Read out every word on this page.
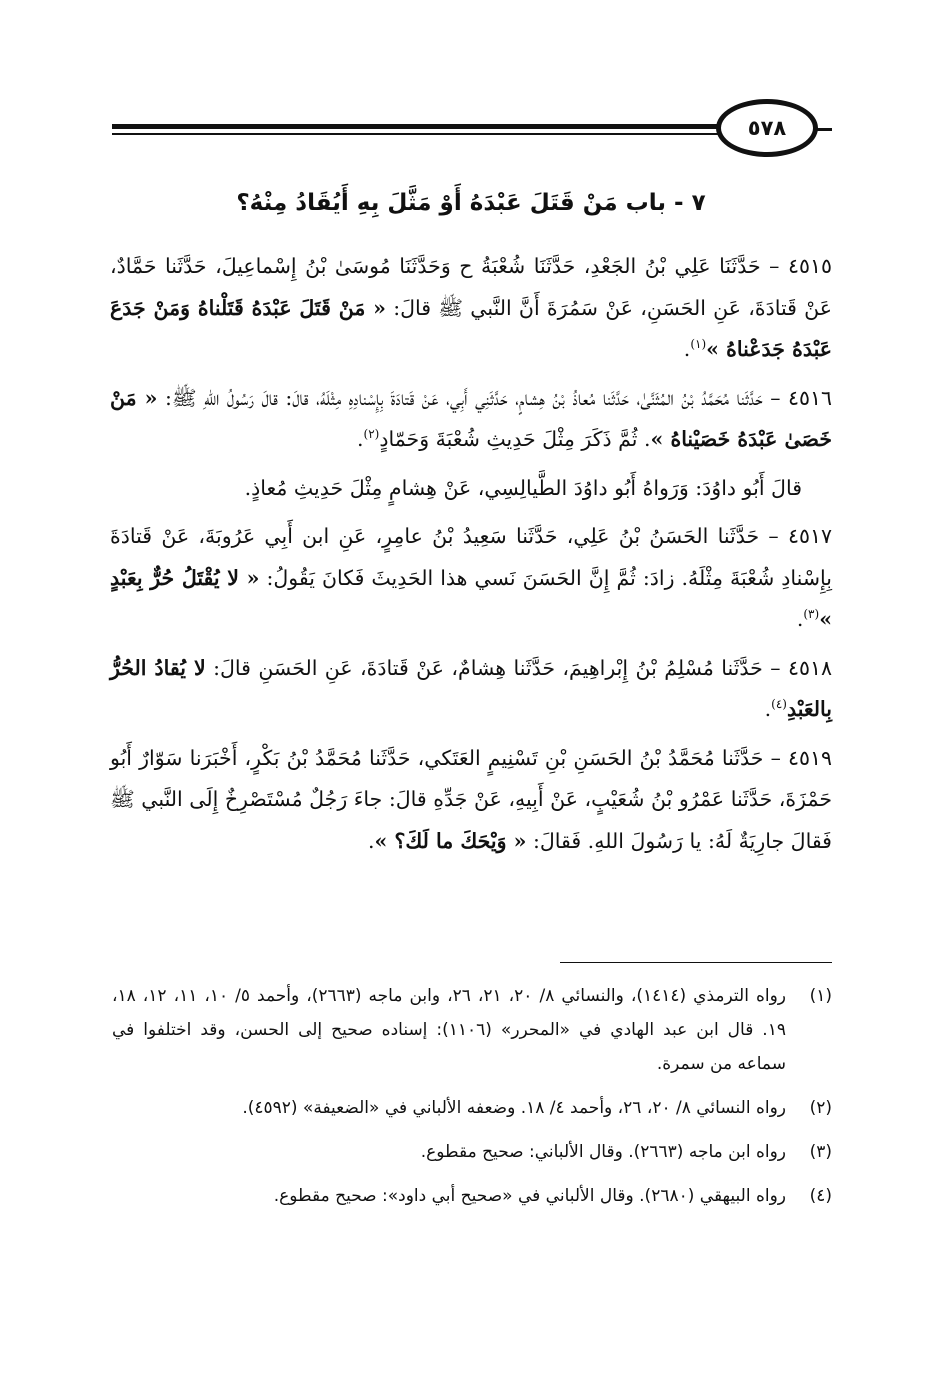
٥٧٨
٧ - باب مَنْ قَتَلَ عَبْدَهُ أَوْ مَثَّلَ بِهِ أَيُقَادُ مِنْهُ؟

٤٥١٥ – حَدَّثَنَا عَلِي بْنُ الجَعْدِ، حَدَّثَنَا شُعْبَةُ ح وَحَدَّثَنَا مُوسَىٰ بْنُ إِسْماعِيلَ، حَدَّثَنا حَمَّادٌ، عَنْ قَتادَةَ، عَنِ الحَسَنِ، عَنْ سَمُرَةَ أَنَّ النَّبي ﷺ قالَ: « مَنْ قَتَلَ عَبْدَهُ قَتَلْناهُ وَمَنْ جَدَعَ عَبْدَهُ جَدَعْناهُ »$^{(١)}$.

٤٥١٦ – حَدَّثَنا مُحَمَّدُ بْنُ المُثَنَّىٰ، حَدَّثَنا مُعاذُ بْنُ هِشامٍ، حَدَّثَنِي أَبِي، عَنْ قَتادَةَ بِإِسْنادِهِ مِثْلَهُ، قالَ: قالَ رَسُولُ اللهِ ﷺ: « مَنْ خَصَىٰ عَبْدَهُ خَصَيْناهُ ». ثُمَّ ذَكَرَ مِثْلَ حَدِيثِ شُعْبَةَ وَحَمّادٍ$^{(٢)}$.

قالَ أَبُو داوُدَ: وَرَواهُ أَبُو داوُدَ الطَّيالِسِي، عَنْ هِشامٍ مِثْلَ حَدِيثِ مُعاذٍ.

٤٥١٧ – حَدَّثَنا الحَسَنُ بْنُ عَلِي، حَدَّثَنا سَعِيدُ بْنُ عامِرٍ، عَنِ ابن أَبِي عَرُوبَةَ، عَنْ قَتادَةَ بِإِسْنادِ شُعْبَةَ مِثْلَهُ. زادَ: ثُمَّ إِنَّ الحَسَنَ نَسي هذا الحَدِيثَ فَكانَ يَقُولُ: « لا يُقْتَلُ حُرٌّ بِعَبْدٍ »$^{(٣)}$.

٤٥١٨ – حَدَّثَنا مُسْلِمُ بْنُ إِبْراهِيمَ، حَدَّثَنا هِشامٌ، عَنْ قَتادَةَ، عَنِ الحَسَنِ قالَ: لا يُقادُ الحُرُّ بِالعَبْدِ$^{(٤)}$.

٤٥١٩ – حَدَّثَنا مُحَمَّدُ بْنُ الحَسَنِ بْنِ تَسْنِيمٍ العَتَكي، حَدَّثَنا مُحَمَّدُ بْنُ بَكْرٍ، أَخْبَرَنا سَوّارٌ أَبُو حَمْزَةَ، حَدَّثَنا عَمْرُو بْنُ شُعَيْبٍ، عَنْ أَبِيهِ، عَنْ جَدِّهِ قالَ: جاءَ رَجُلٌ مُسْتَصْرِخٌ إِلَى النَّبي ﷺ فَقالَ جارِيَةٌ لَهُ: يا رَسُولَ اللهِ. فَقالَ: « وَيْحَكَ ما لَكَ؟ ».

(١)
رواه الترمذي (١٤١٤)، والنسائي ٨/ ٢٠، ٢١، ٢٦، وابن ماجه (٢٦٦٣)، وأحمد ٥/ ١٠، ١١، ١٢، ١٨، ١٩. قال ابن عبد الهادي في «المحرر» (١١٠٦): إسناده صحيح إلى الحسن، وقد اختلفوا في سماعه من سمرة.
(٢)
رواه النسائي ٨/ ٢٠، ٢٦، وأحمد ٤/ ١٨. وضعفه الألباني في «الضعيفة» (٤٥٩٢).
(٣)
رواه ابن ماجه (٢٦٦٣). وقال الألباني: صحيح مقطوع.
(٤)
رواه البيهقي (٢٦٨٠). وقال الألباني في «صحيح أبي داود»: صحيح مقطوع.
